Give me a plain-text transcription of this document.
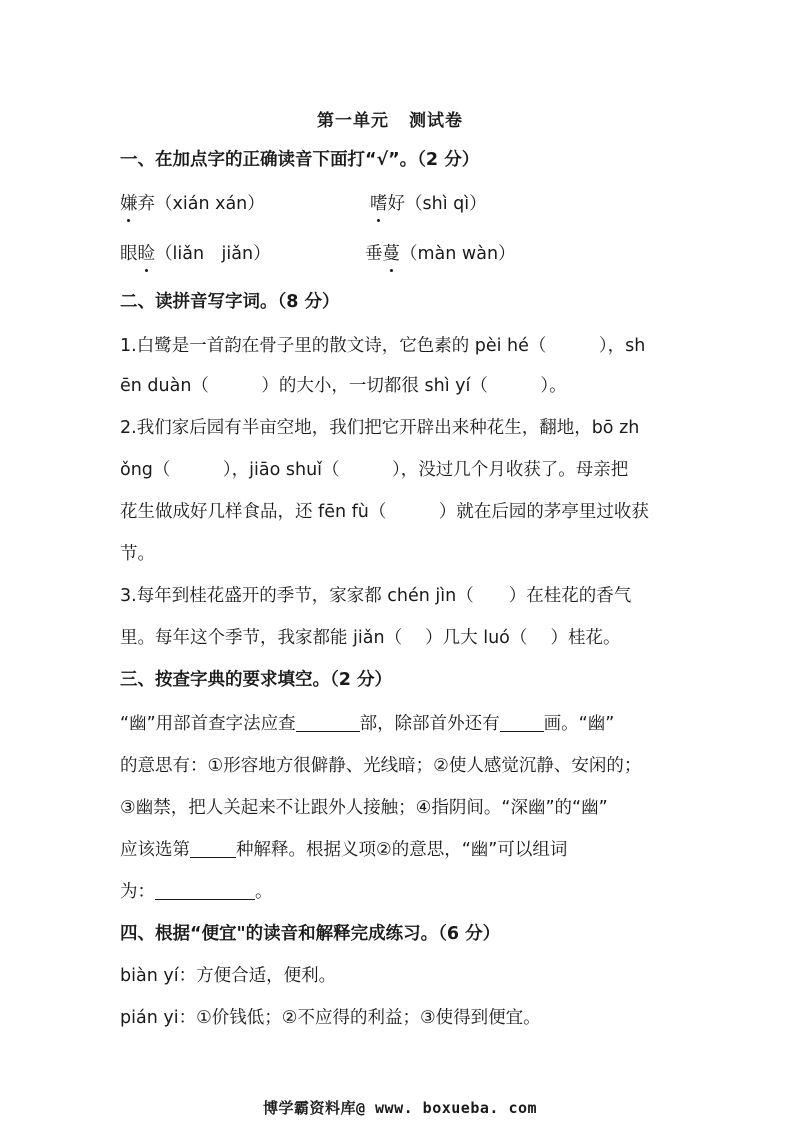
第一单元 测试卷
一、在加点字的正确读音下面打“√”。（2 分）
嫌弃（xián xán）	嗜好（shì qì）
眼睑（liǎn　jiǎn）	垂蔓（màn wàn）
二、读拼音写字词。（8 分）
1.白鹭是一首韵在骨子里的散文诗，它色素的 pèi hé（　　　），sh
ēn duàn（　　　）的大小，一切都很 shì yí（　　　）。
2.我们家后园有半亩空地，我们把它开辟出来种花生，翻地，bō zh
ǒng（　　　），jiāo shuǐ（　　　），没过几个月收获了。母亲把
花生做成好几样食品，还 fēn fù（　　　）就在后园的茅亭里过收获
节。
3.每年到桂花盛开的季节，家家都 chén jìn（　　）在桂花的香气
里。每年这个季节，我家都能 jiǎn（　 ）几大 luó（　 ）桂花。
三、按查字典的要求填空。（2 分）
“幽”用部首查字法应查	部，除部首外还有	画。“幽”
的意思有：①形容地方很僻静、光线暗；②使人感觉沉静、安闲的；
③幽禁，把人关起来不让跟外人接触；④指阴间。“深幽”的“幽”
应该选第	种解释。根据义项②的意思，“幽”可以组词
为：	。
四、根据“便宜"的读音和解释完成练习。（6 分）
biàn yí：方便合适，便利。
pián yi：①价钱低；②不应得的利益；③使得到便宜。
博学霸资料库@ www. boxueba. com
